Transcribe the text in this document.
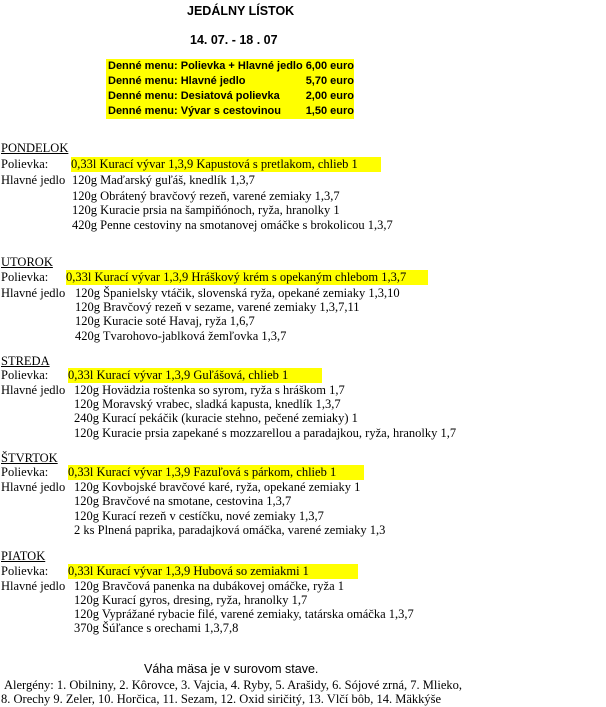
JEDÁLNY LÍSTOK
14. 07. - 18 . 07
Denné menu: Polievka + Hlavné jedlo 6,00 euro
Denné menu: Hlavné jedlo	5,70 euro
Denné menu: Desiatová polievka 2,00 euro
Denné menu: Vývar s cestovinou 1,50 euro
PONDELOK
Polievka: 0,33l Kurací vývar 1,3,9 Kapustová s pretlakom, chlieb 1
Hlavné jedlo 120g Maďarský guľáš, knedlík 1,3,7
120g Obrátený bravčový rezeň, varené zemiaky 1,3,7
120g Kuracie prsia na šampiňónoch, ryža, hranolky 1
420g Penne cestoviny na smotanovej omáčke s brokolicou 1,3,7
UTOROK
Polievka: 0,33l Kurací vývar 1,3,9 Hráškový krém s opekaným chlebom 1,3,7
Hlavné jedlo 120g Španielsky vtáčik, slovenská ryža, opekané zemiaky 1,3,10
120g Bravčový rezeň v sezame, varené zemiaky 1,3,7,11
120g Kuracie soté Havaj, ryža 1,6,7
420g Tvarohovo-jablková žemľovka 1,3,7
STREDA
Polievka: 0,33l Kurací vývar 1,3,9 Guľášová, chlieb 1
Hlavné jedlo 120g Hovädzia roštenka so syrom, ryža s hráškom 1,7
120g Moravský vrabec, sladká kapusta, knedlík 1,3,7
240g Kurací pekáčik (kuracie stehno, pečené zemiaky) 1
120g Kuracie prsia zapekané s mozzarellou a paradajkou, ryža, hranolky 1,7
ŠTVRTOK
Polievka: 0,33l Kurací vývar 1,3,9 Fazuľová s párkom, chlieb 1
Hlavné jedlo 120g Kovbojské bravčové karé, ryža, opekané zemiaky 1
120g Bravčové na smotane, cestovina 1,3,7
120g Kurací rezeň v cestíčku, nové zemiaky 1,3,7
2 ks Plnená paprika, paradajková omáčka, varené zemiaky 1,3
PIATOK
Polievka: 0,33l Kurací vývar 1,3,9 Hubová so zemiakmi 1
Hlavné jedlo 120g Bravčová panenka na dubákovej omáčke, ryža 1
120g Kurací gyros, dresing, ryža, hranolky 1,7
120g Vyprážané rybacie filé, varené zemiaky, tatárska omáčka 1,3,7
370g Šúľance s orechami 1,3,7,8
Váha mäsa je v surovom stave.
Alergény: 1. Obilniny, 2. Kôrovce, 3. Vajcia, 4. Ryby, 5. Arašidy, 6. Sójové zrná, 7. Mlieko,
8. Orechy 9. Zeler, 10. Horčica, 11. Sezam, 12. Oxid siričitý, 13. Vlčí bôb, 14. Mäkkýše
